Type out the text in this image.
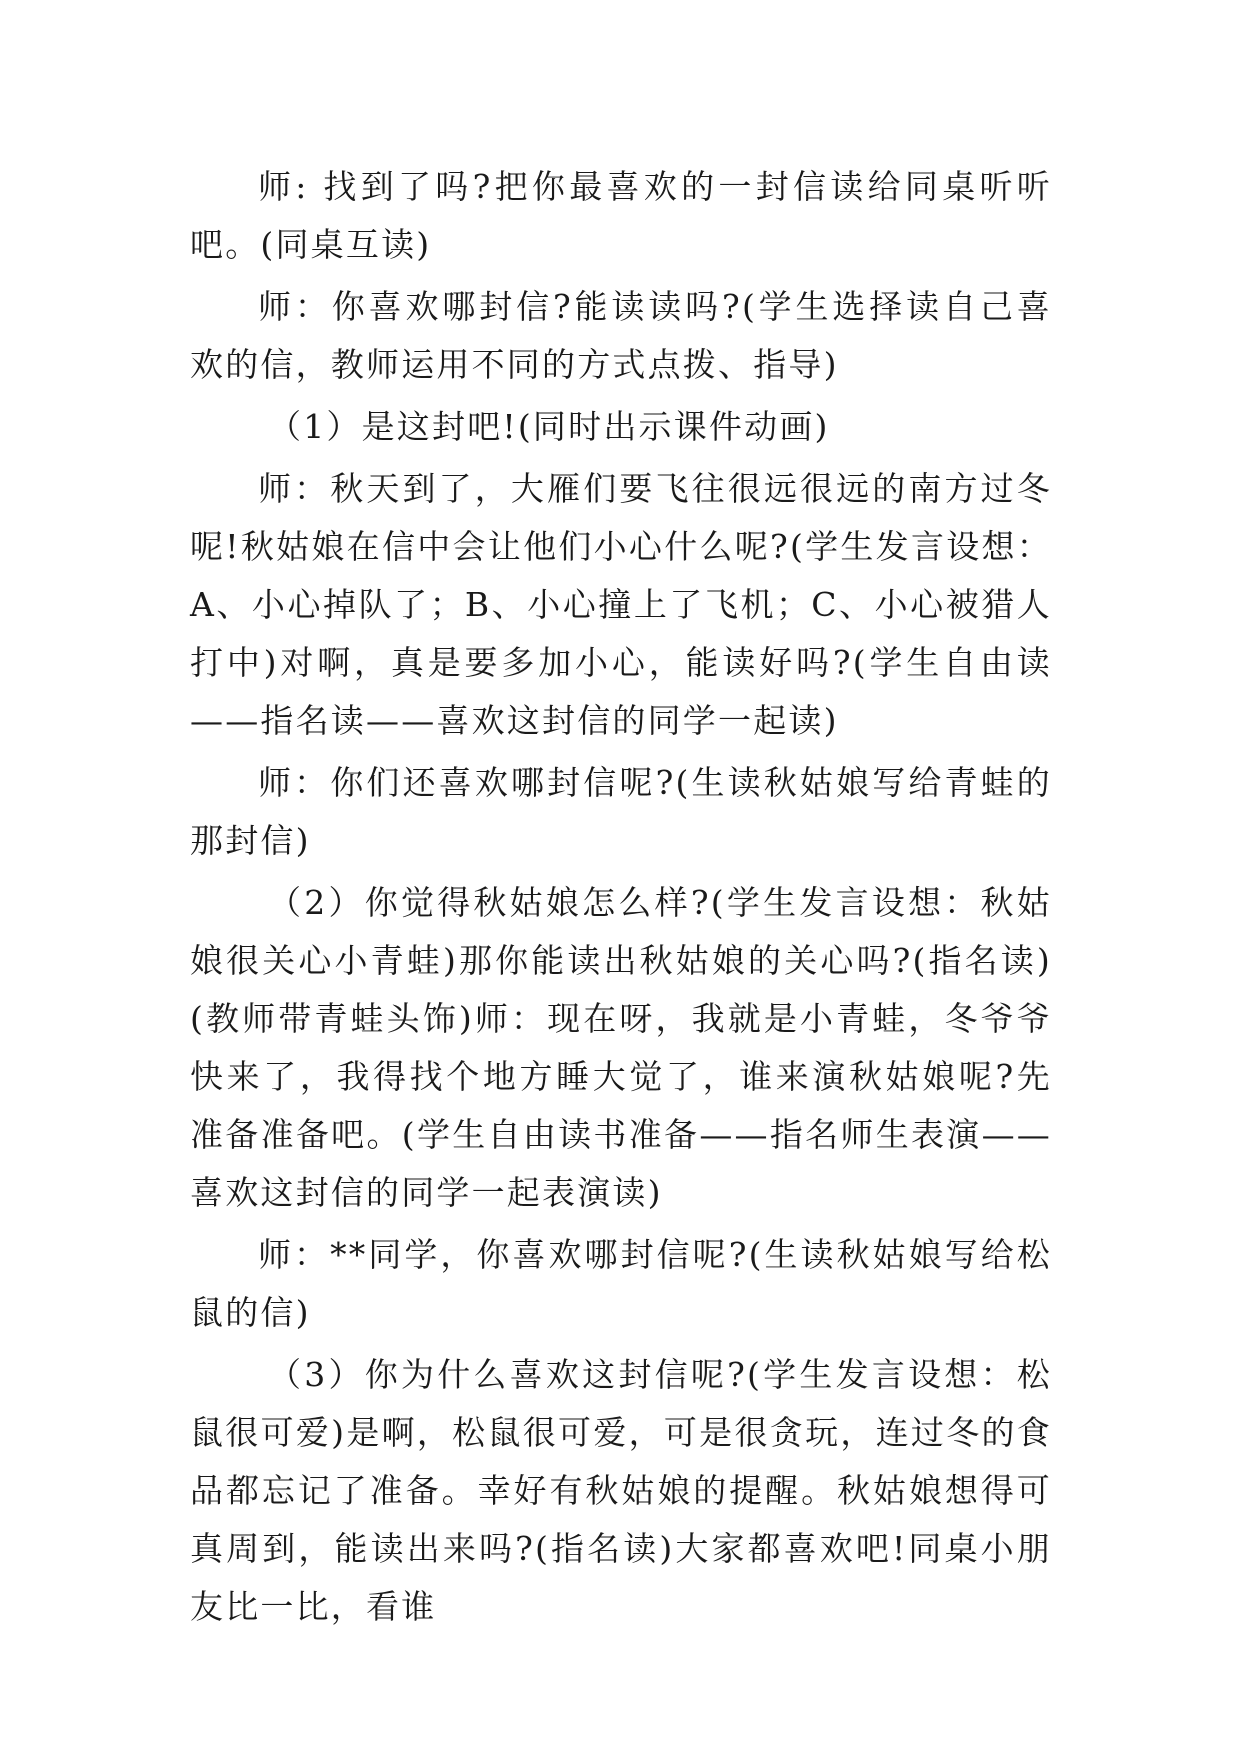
师: 找到了吗?把你最喜欢的一封信读给同桌听听吧。(同桌互读)

师：你喜欢哪封信?能读读吗?(学生选择读自己喜欢的信，教师运用不同的方式点拨、指导)

（1）是这封吧!(同时出示课件动画)

师：秋天到了，大雁们要飞往很远很远的南方过冬呢!秋姑娘在信中会让他们小心什么呢?(学生发言设想：A、小心掉队了；B、小心撞上了飞机；C、小心被猎人打中)对啊，真是要多加小心，能读好吗?(学生自由读——指名读——喜欢这封信的同学一起读)

师：你们还喜欢哪封信呢?(生读秋姑娘写给青蛙的那封信)

（2）你觉得秋姑娘怎么样?(学生发言设想：秋姑娘很关心小青蛙)那你能读出秋姑娘的关心吗?(指名读)(教师带青蛙头饰)师：现在呀，我就是小青蛙，冬爷爷快来了，我得找个地方睡大觉了，谁来演秋姑娘呢?先准备准备吧。(学生自由读书准备——指名师生表演——喜欢这封信的同学一起表演读)

师：**同学，你喜欢哪封信呢?(生读秋姑娘写给松鼠的信)

（3）你为什么喜欢这封信呢?(学生发言设想：松鼠很可爱)是啊，松鼠很可爱，可是很贪玩，连过冬的食品都忘记了准备。幸好有秋姑娘的提醒。秋姑娘想得可真周到，能读出来吗?(指名读)大家都喜欢吧!同桌小朋友比一比，看谁
